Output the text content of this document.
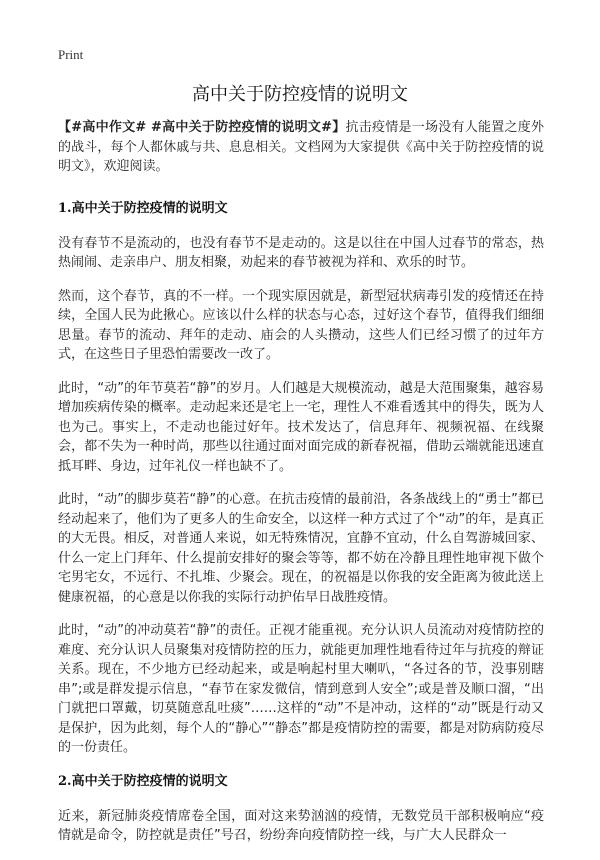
Print
高中关于防控疫情的说明文

【#高中作文# #高中关于防控疫情的说明文#】抗击疫情是一场没有人能置之度外的战斗，每个人都休戚与共、息息相关。文档网为大家提供《高中关于防控疫情的说明文》，欢迎阅读。

1.高中关于防控疫情的说明文

没有春节不是流动的，也没有春节不是走动的。这是以往在中国人过春节的常态，热热闹闹、走亲串户、朋友相聚，劝起来的春节被视为祥和、欢乐的时节。

然而，这个春节，真的不一样。一个现实原因就是，新型冠状病毒引发的疫情还在持续，全国人民为此揪心。应该以什么样的状态与心态，过好这个春节，值得我们细细思量。春节的流动、拜年的走动、庙会的人头攒动，这些人们已经习惯了的过年方式，在这些日子里恐怕需要改一改了。

此时，“动”的年节莫若“静”的岁月。人们越是大规模流动，越是大范围聚集，越容易增加疾病传染的概率。走动起来还是宅上一宅，理性人不难看透其中的得失，既为人也为己。事实上，不走动也能过好年。技术发达了，信息拜年、视频祝福、在线聚会，都不失为一种时尚，那些以往通过面对面完成的新春祝福，借助云端就能迅速直抵耳畔、身边，过年礼仪一样也缺不了。

此时，“动”的脚步莫若“静”的心意。在抗击疫情的最前沿，各条战线上的“勇士”都已经动起来了，他们为了更多人的生命安全，以这样一种方式过了个“动”的年，是真正的大无畏。相反，对普通人来说，如无特殊情况，宜静不宜动，什么自驾游城回家、什么一定上门拜年、什么提前安排好的聚会等等，都不妨在冷静且理性地审视下做个宅男宅女，不远行、不扎堆、少聚会。现在，的祝福是以你我的安全距离为彼此送上健康祝福，的心意是以你我的实际行动护佑早日战胜疫情。

此时，“动”的冲动莫若“静”的责任。正视才能重视。充分认识人员流动对疫情防控的难度、充分认识人员聚集对疫情防控的压力，就能更加理性地看待过年与抗疫的辩证关系。现在，不少地方已经动起来，或是响起村里大喇叭，“各过各的节，没事别瞎串”;或是群发提示信息，“春节在家发微信，情到意到人安全”;或是普及顺口溜，“出门就把口罩戴，切莫随意乱吐痰”……这样的“动”不是冲动，这样的“动”既是行动又是保护，因为此刻，每个人的“静心”“静态”都是疫情防控的需要，都是对防病防疫尽的一份责任。

2.高中关于防控疫情的说明文

近来，新冠肺炎疫情席卷全国，面对这来势汹汹的疫情，无数党员干部积极响应“疫情就是命令，防控就是责任”号召，纷纷奔向疫情防控一线，与广大人民群众一
